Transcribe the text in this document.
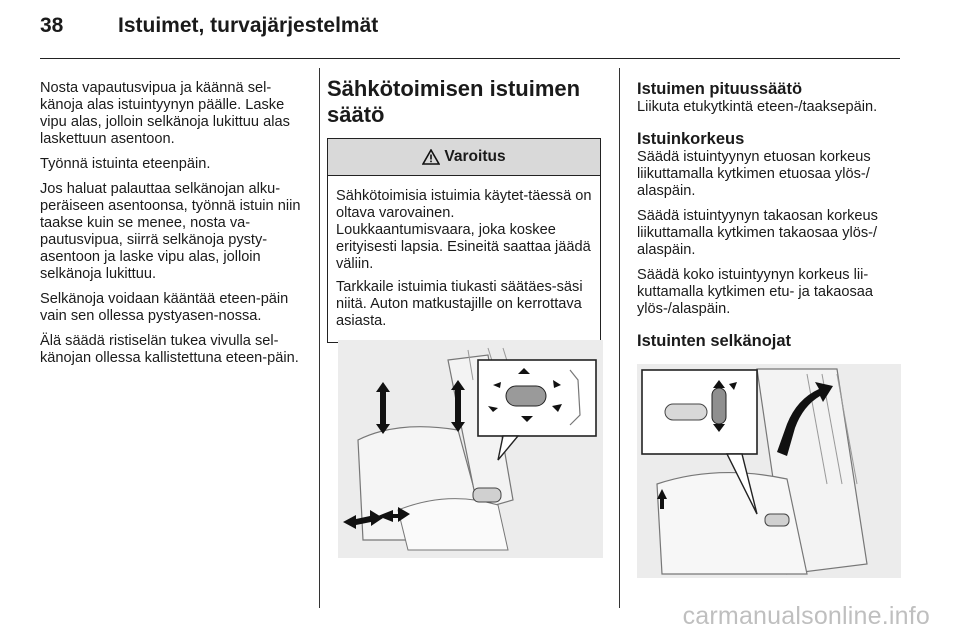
38	Istuimet, turvajärjestelmät

Nosta vapautusvipua ja käännä sel-känoja alas istuintyynyn päälle. Laske vipu alas, jolloin selkänoja lukittuu alas laskettuun asentoon.

Työnnä istuinta eteenpäin.

Jos haluat palauttaa selkänojan alku-peräiseen asentoonsa, työnnä istuin niin taakse kuin se menee, nosta va-pautusvipua, siirrä selkänoja pysty-asentoon ja laske vipu alas, jolloin selkänoja lukittuu.

Selkänoja voidaan kääntää eteen-päin vain sen ollessa pystyasen-nossa.

Älä säädä ristiselän tukea vivulla sel-känojan ollessa kallistettuna eteen-päin.

Sähkötoimisen istuimen säätö
Varoitus

Sähkötoimisia istuimia käytet-täessä on oltava varovainen. Loukkaantumisvaara, joka koskee erityisesti lapsia. Esineitä saattaa jäädä väliin.

Tarkkaile istuimia tiukasti säätäes-säsi niitä. Auton matkustajille on kerrottava asiasta.

Istuimen pituussäätö

Liikuta etukytkintä eteen-/taaksepäin.

Istuinkorkeus

Säädä istuintyynyn etuosan korkeus liikuttamalla kytkimen etuosaa ylös-/ alaspäin.

Säädä istuintyynyn takaosan korkeus liikuttamalla kytkimen takaosaa ylös-/ alaspäin.

Säädä koko istuintyynyn korkeus lii-kuttamalla kytkimen etu- ja takaosaa ylös-/alaspäin.

Istuinten selkänojat
carmanualsonline.info
